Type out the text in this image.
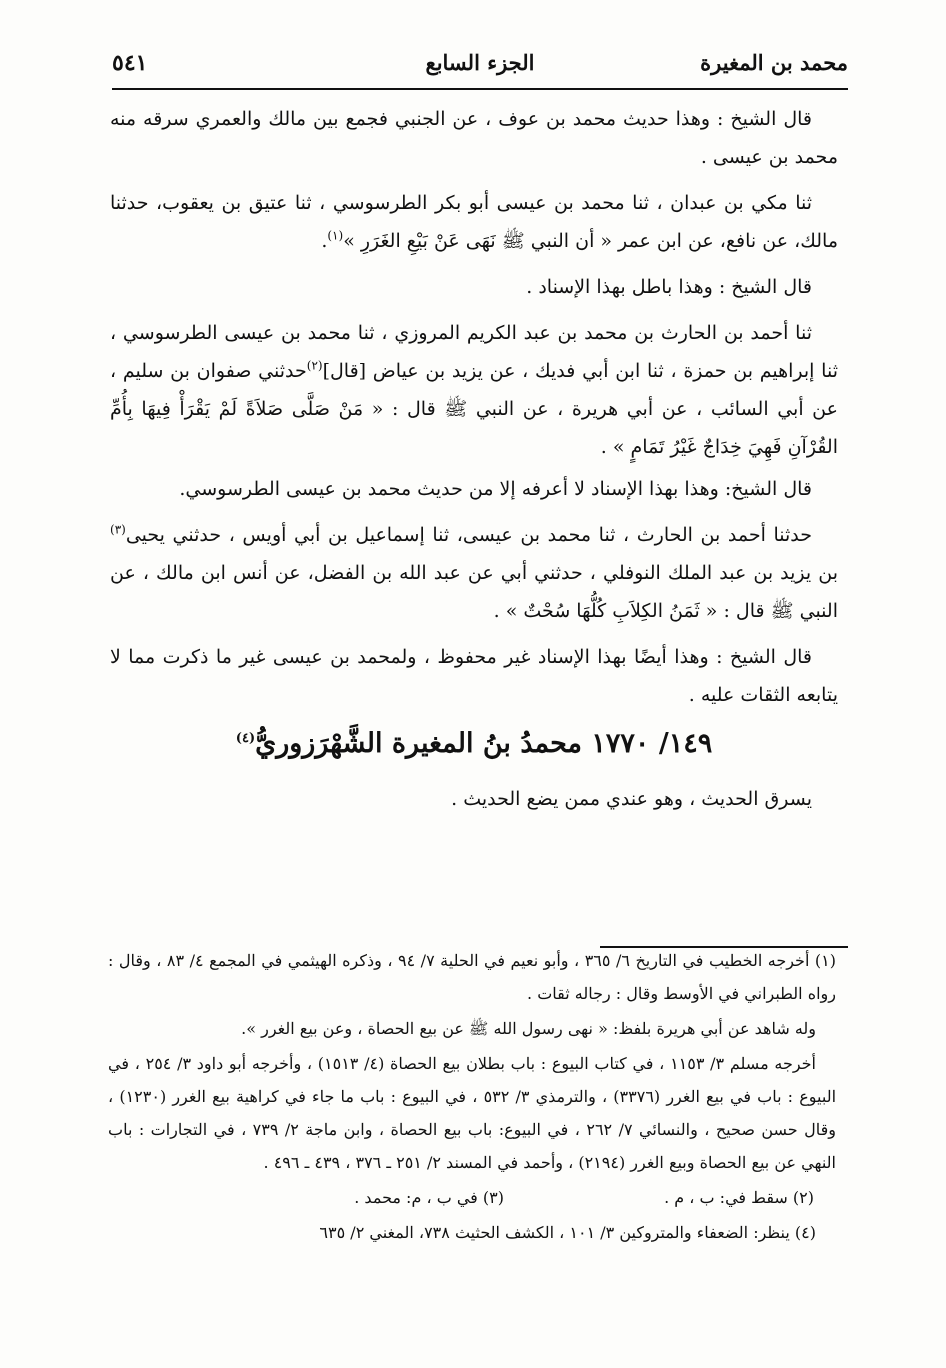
محمد بن المغيرة
الجزء السابع
٥٤١

قال الشيخ : وهذا حديث محمد بن عوف ، عن الجنبي فجمع بين مالك والعمري سرقه منه محمد بن عيسى .

ثنا مكي بن عبدان ، ثنا محمد بن عيسى أبو بكر الطرسوسي ، ثنا عتيق بن يعقوب، حدثنا مالك، عن نافع، عن ابن عمر « أن النبي ﷺ نَهَى عَنْ بَيْعِ الغَرَرِ »$^{(١)}$.

قال الشيخ : وهذا باطل بهذا الإسناد .

ثنا أحمد بن الحارث بن محمد بن عبد الكريم المروزي ، ثنا محمد بن عيسى الطرسوسي ، ثنا إبراهيم بن حمزة ، ثنا ابن أبي فديك ، عن يزيد بن عياض [قال]$^{(٢)}$حدثني صفوان بن سليم ، عن أبي السائب ، عن أبي هريرة ، عن النبي ﷺ قال : « مَنْ صَلَّى صَلاَةً لَمْ يَقْرَأْ فِيهَا بِأُمِّ القُرْآنِ فَهِيَ خِدَاجٌ غَيْرُ تَمَامٍ » .

قال الشيخ: وهذا بهذا الإسناد لا أعرفه إلا من حديث محمد بن عيسى الطرسوسي.

حدثنا أحمد بن الحارث ، ثنا محمد بن عيسى، ثنا إسماعيل بن أبي أويس ، حدثني يحيى$^{(٣)}$ بن يزيد بن عبد الملك النوفلي ، حدثني أبي عن عبد الله بن الفضل، عن أنس ابن مالك ، عن النبي ﷺ قال : « ثَمَنُ الكِلاَبِ كُلُّهَا سُحْتٌ » .

قال الشيخ : وهذا أيضًا بهذا الإسناد غير محفوظ ، ولمحمد بن عيسى غير ما ذكرت مما لا يتابعه الثقات عليه .

١٤٩/ ١٧٧٠ محمدُ بنُ المغيرة الشَّهْرَزوريُّ$^{(٤)}$

يسرق الحديث ، وهو عندي ممن يضع الحديث .

(١) أخرجه الخطيب في التاريخ ٦/ ٣٦٥ ، وأبو نعيم في الحلية ٧/ ٩٤ ، وذكره الهيثمي في المجمع ٤/ ٨٣ ، وقال : رواه الطبراني في الأوسط وقال : رجاله ثقات .

وله شاهد عن أبي هريرة بلفظ: « نهى رسول الله ﷺ عن بيع الحصاة ، وعن بيع الغرر ».

أخرجه مسلم ٣/ ١١٥٣ ، في كتاب البيوع : باب بطلان بيع الحصاة (٤/ ١٥١٣) ، وأخرجه أبو داود ٣/ ٢٥٤ ، في البيوع : باب في بيع الغرر (٣٣٧٦) ، والترمذي ٣/ ٥٣٢ ، في البيوع : باب ما جاء في كراهية بيع الغرر (١٢٣٠) ، وقال حسن صحيح ، والنسائي ٧/ ٢٦٢ ، في البيوع: باب بيع الحصاة ، وابن ماجة ٢/ ٧٣٩ ، في التجارات : باب النهي عن بيع الحصاة وبيع الغرر (٢١٩٤) ، وأحمد في المسند ٢/ ٢٥١ ـ ٣٧٦ ، ٤٣٩ ـ ٤٩٦ .

(٢) سقط في: ب ، م .
(٣) في ب ، م: محمد .

(٤) ينظر: الضعفاء والمتروكين ٣/ ١٠١ ، الكشف الحثيث ٧٣٨، المغني ٢/ ٦٣٥
